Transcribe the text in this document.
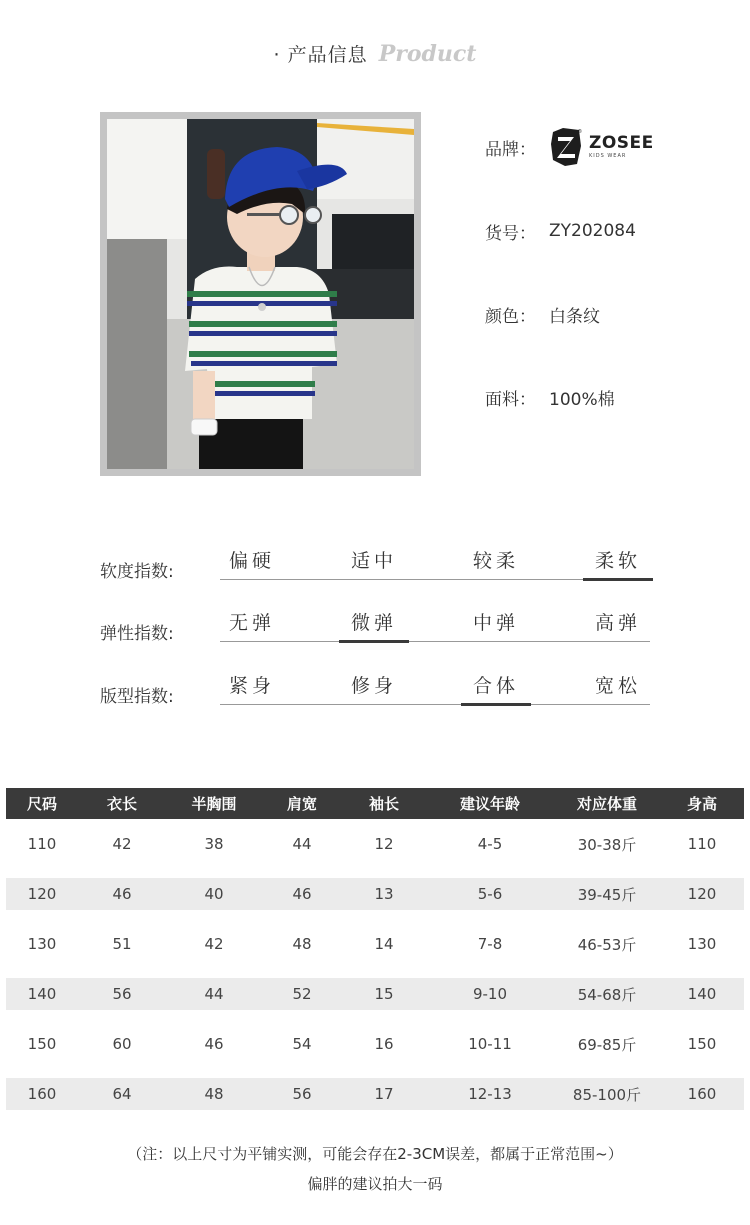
· 产品信息 Product
品牌：
®
ZOSEE
KIDS WEAR
货号： ZY202084
颜色： 白条纹
面料： 100%棉
软度指数:	偏硬	适中	较柔	柔软
弹性指数:	无弹	微弹	中弹	高弹
版型指数:	紧身	修身	合体	宽松
尺码	衣长	半胸围	肩宽	袖长	建议年龄	对应体重	身高
110	42	38	44	12	4-5	30-38斤	110
120	46	40	46	13	5-6	39-45斤	120
130	51	42	48	14	7-8	46-53斤	130
140	56	44	52	15	9-10	54-68斤	140
150	60	46	54	16	10-11	69-85斤	150
160	64	48	56	17	12-13	85-100斤	160
（注：以上尺寸为平铺实测，可能会存在2-3CM误差，都属于正常范围~）
偏胖的建议拍大一码
